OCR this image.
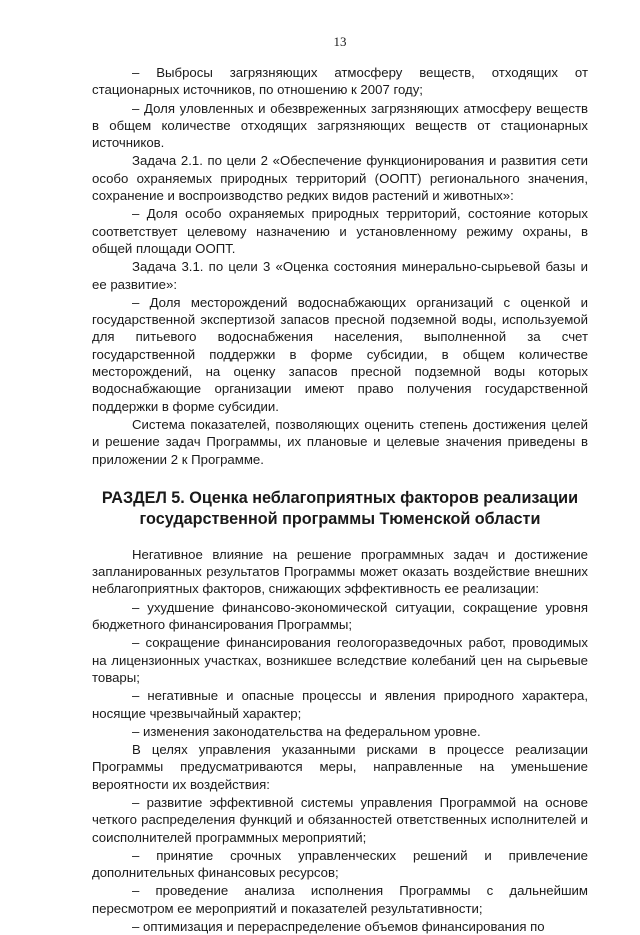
13

– Выбросы загрязняющих атмосферу веществ, отходящих от стационарных источников, по отношению к 2007 году;

– Доля уловленных и обезвреженных загрязняющих атмосферу веществ в общем количестве отходящих загрязняющих веществ от стационарных источников.

Задача 2.1. по цели 2 «Обеспечение функционирования и развития сети особо охраняемых природных территорий (ООПТ) регионального значения, сохранение и воспроизводство редких видов растений и животных»:

– Доля особо охраняемых природных территорий, состояние которых соответствует целевому назначению и установленному режиму охраны, в общей площади ООПТ.

Задача 3.1. по цели 3 «Оценка состояния минерально-сырьевой базы и ее развитие»:

– Доля месторождений водоснабжающих организаций с оценкой и государственной экспертизой запасов пресной подземной воды, используемой для питьевого водоснабжения населения, выполненной за счет государственной поддержки в форме субсидии, в общем количестве месторождений, на оценку запасов пресной подземной воды которых водоснабжающие организации имеют право получения государственной поддержки в форме субсидии.

Система показателей, позволяющих оценить степень достижения целей и решение задач Программы, их плановые и целевые значения приведены в приложении 2 к Программе.

РАЗДЕЛ 5. Оценка неблагоприятных факторов реализации
государственной программы Тюменской области

Негативное влияние на решение программных задач и достижение запланированных результатов Программы может оказать воздействие внешних неблагоприятных факторов, снижающих эффективность ее реализации:

– ухудшение финансово-экономической ситуации, сокращение уровня бюджетного финансирования Программы;

– сокращение финансирования геологоразведочных работ, проводимых на лицензионных участках, возникшее вследствие колебаний цен на сырьевые товары;

– негативные и опасные процессы и явления природного характера, носящие чрезвычайный характер;

– изменения законодательства на федеральном уровне.

В целях управления указанными рисками в процессе реализации Программы предусматриваются меры, направленные на уменьшение вероятности их воздействия:

– развитие эффективной системы управления Программой на основе четкого распределения функций и обязанностей ответственных исполнителей и соисполнителей программных мероприятий;

– принятие срочных управленческих решений и привлечение дополнительных финансовых ресурсов;

– проведение анализа исполнения Программы с дальнейшим пересмотром ее мероприятий и показателей результативности;

– оптимизация и перераспределение объемов финансирования по
